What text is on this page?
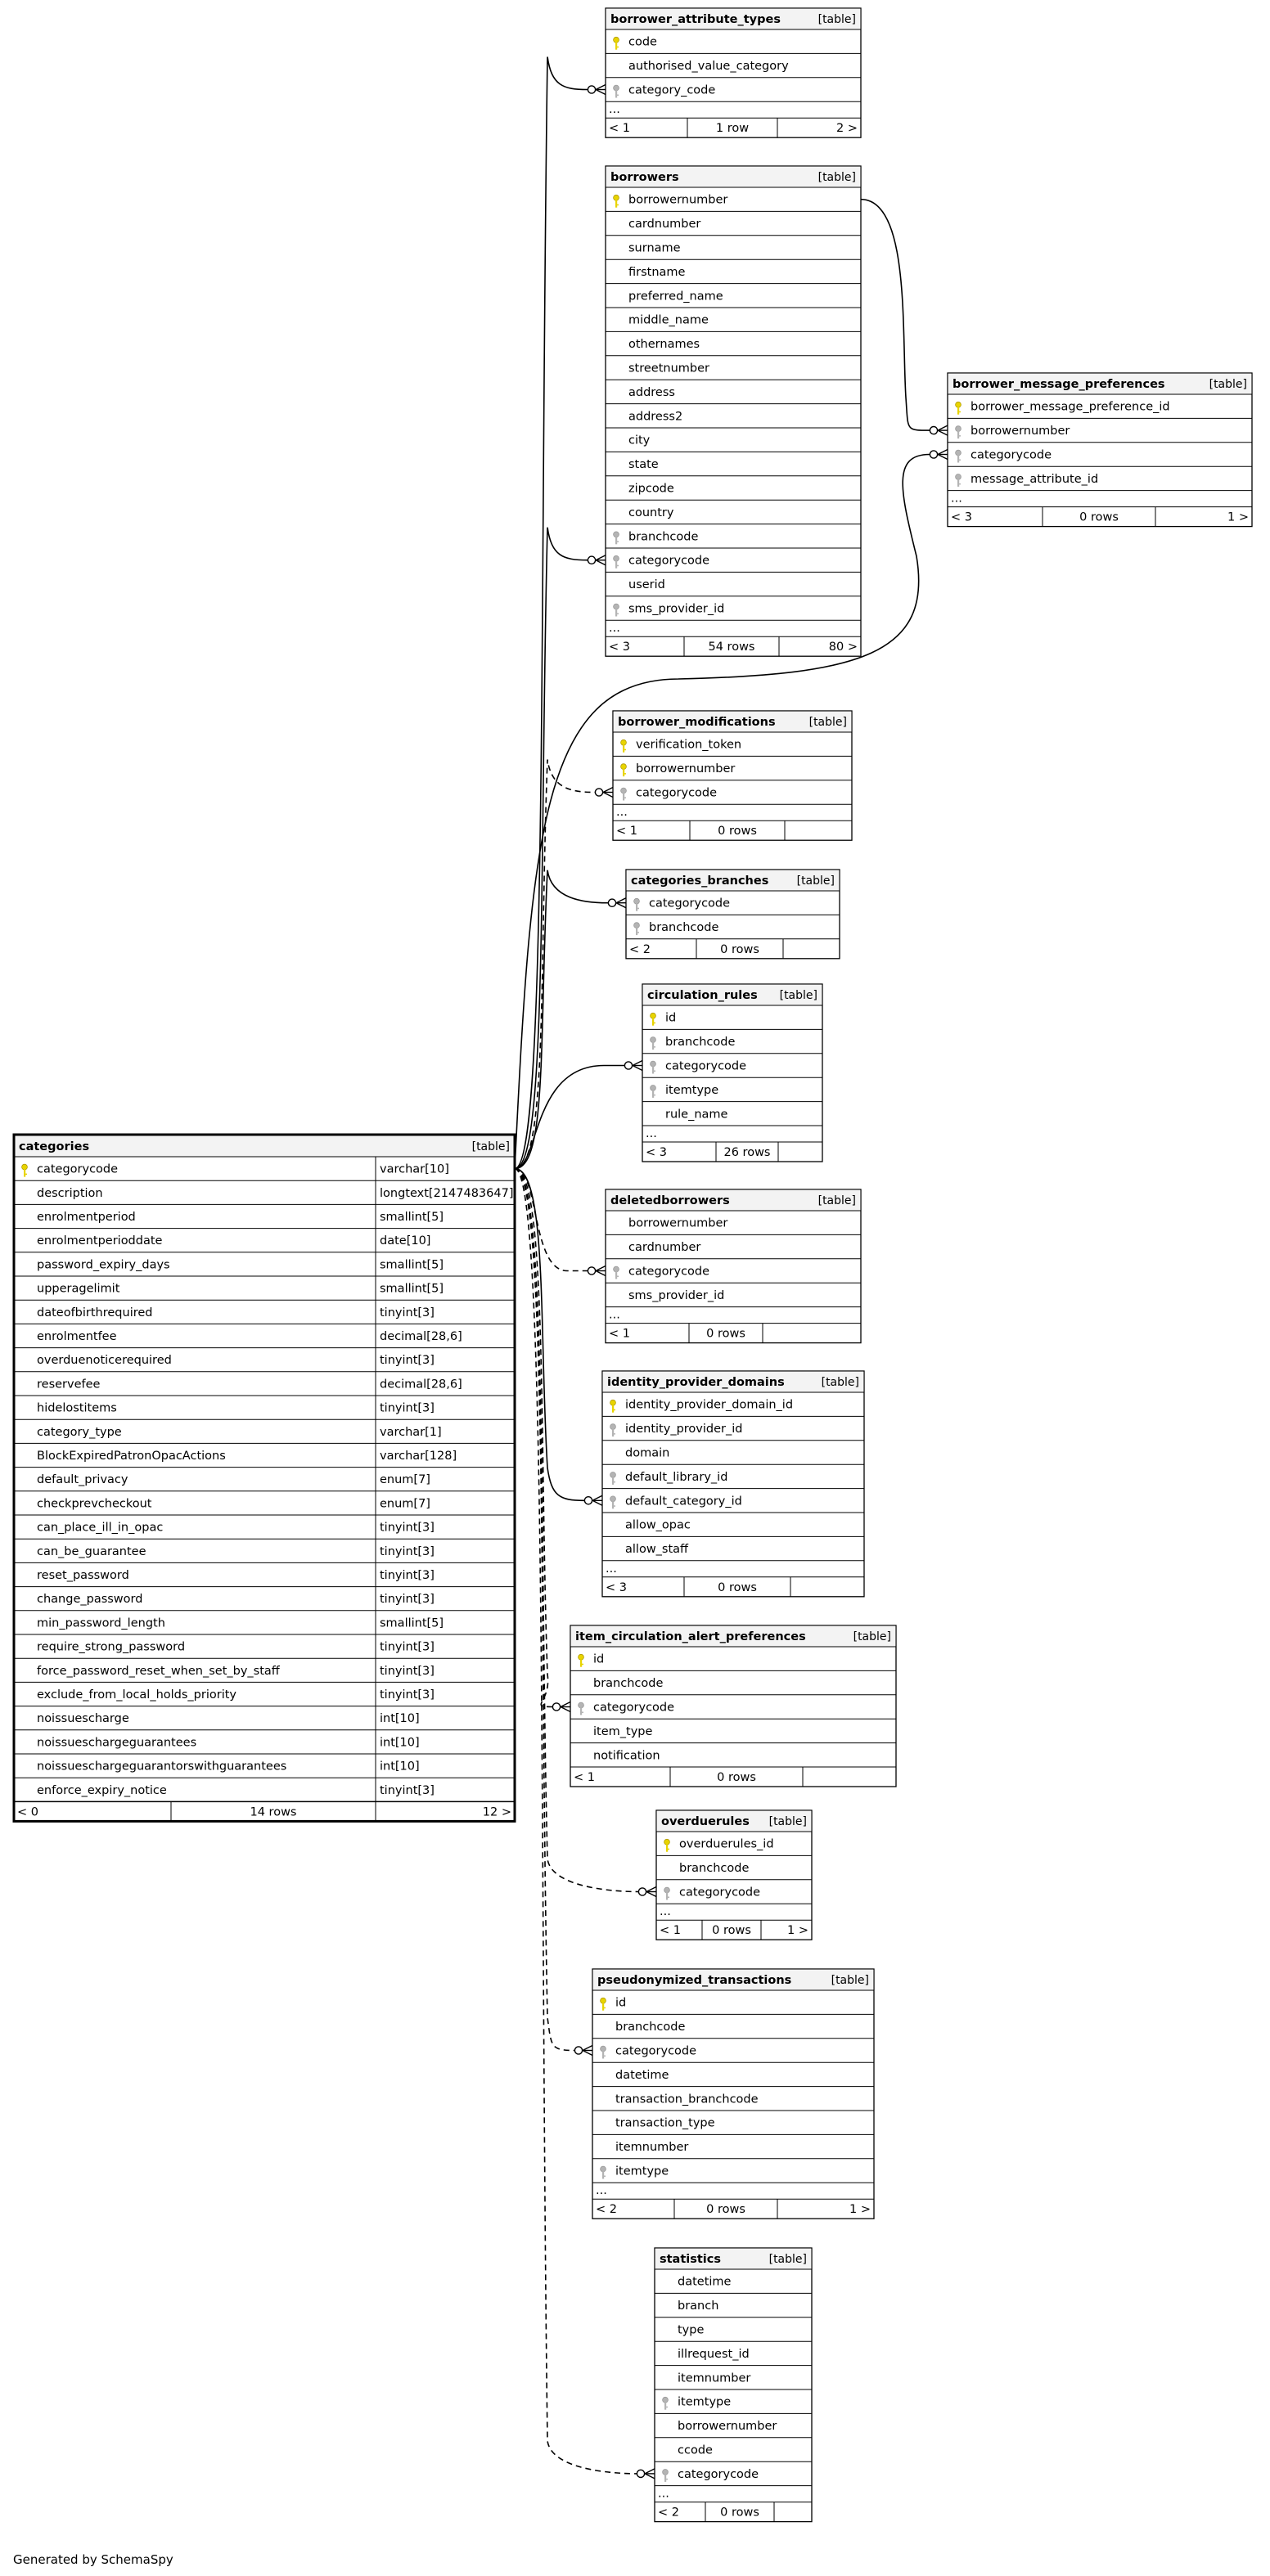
borrower_attribute_types	[table]
code
authorised_value_category
category_code
...
< 1	1 row	2 >
borrowers	[table]
borrowernumber
cardnumber
surname
firstname
preferred_name
middle_name
othernames
streetnumber
address
address2
city
state
zipcode
country
branchcode
categorycode
userid
sms_provider_id
...
< 3	54 rows	80 >
borrower_message_preferences	[table]
borrower_message_preference_id
borrowernumber
categorycode
message_attribute_id
...
< 3	0 rows	1 >
borrower_modifications	[table]
verification_token
borrowernumber
categorycode
...
< 1	0 rows
categories_branches [table]
categorycode
branchcode
< 2	0 rows
circulation_rules [table]
id
branchcode
categorycode
itemtype
rule_name
...
< 3	26 rows
deletedborrowers	[table]
borrowernumber
cardnumber
categorycode
sms_provider_id
...
< 1	0 rows
identity_provider_domains	[table]
identity_provider_domain_id
identity_provider_id
domain
default_library_id
default_category_id
allow_opac
allow_staff
...
< 3	0 rows
item_circulation_alert_preferences	[table]
id
branchcode
categorycode
item_type
notification
< 1	0 rows
overduerules [table]
overduerules_id
branchcode
categorycode
...
< 1	0 rows	1 >
pseudonymized_transactions	[table]
id
branchcode
categorycode
datetime
transaction_branchcode
transaction_type
itemnumber
itemtype
...
< 2	0 rows	1 >
statistics	[table]
datetime
branch
type
illrequest_id
itemnumber
itemtype
borrowernumber
ccode
categorycode
...
< 2	0 rows
categories	[table]
categorycode	varchar[10]
description	longtext[2147483647]
enrolmentperiod	smallint[5]
enrolmentperioddate	date[10]
password_expiry_days	smallint[5]
upperagelimit	smallint[5]
dateofbirthrequired	tinyint[3]
enrolmentfee	decimal[28,6]
overduenoticerequired	tinyint[3]
reservefee	decimal[28,6]
hidelostitems	tinyint[3]
category_type	varchar[1]
BlockExpiredPatronOpacActions	varchar[128]
default_privacy	enum[7]
checkprevcheckout	enum[7]
can_place_ill_in_opac	tinyint[3]
can_be_guarantee	tinyint[3]
reset_password	tinyint[3]
change_password	tinyint[3]
min_password_length	smallint[5]
require_strong_password	tinyint[3]
force_password_reset_when_set_by_staff	tinyint[3]
exclude_from_local_holds_priority	tinyint[3]
noissuescharge	int[10]
noissueschargeguarantees	int[10]
noissueschargeguarantorswithguarantees	int[10]
enforce_expiry_notice	tinyint[3]
< 0	14 rows	12 >
Generated by SchemaSpy
